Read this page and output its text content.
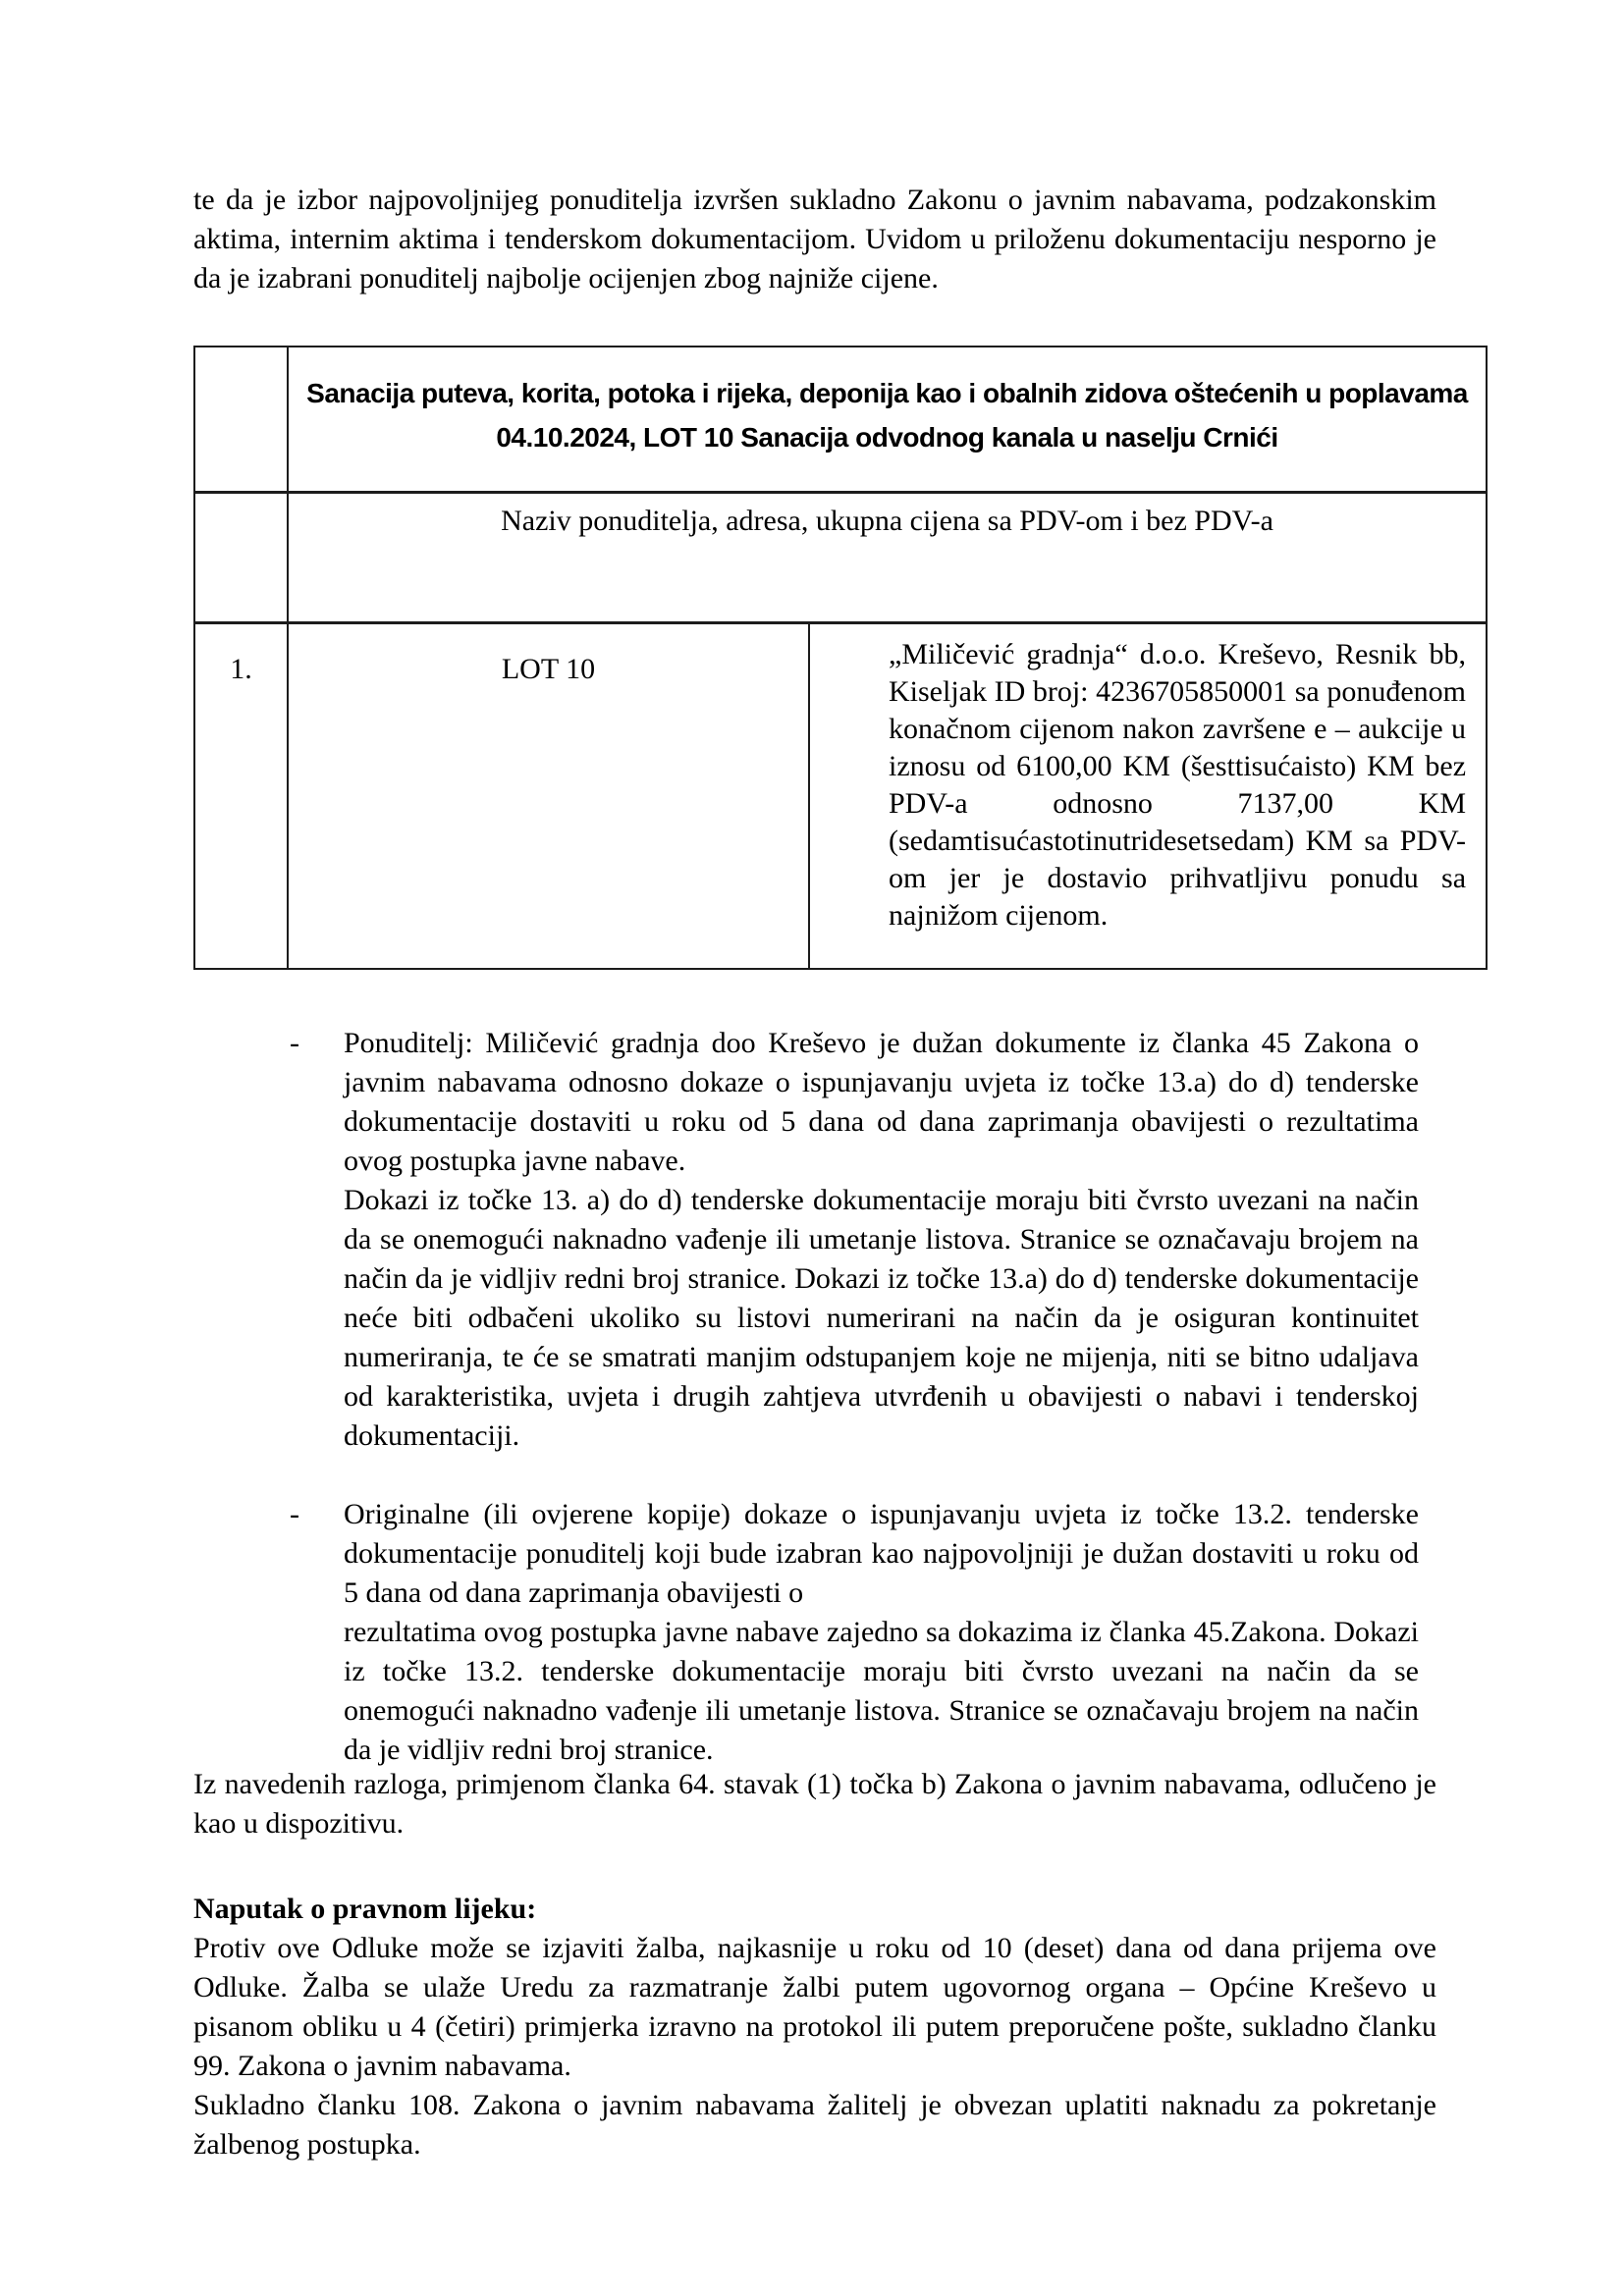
te da je izbor najpovoljnijeg ponuditelja izvršen sukladno Zakonu o javnim nabavama, podzakonskim aktima, internim aktima i tenderskom dokumentacijom. Uvidom u priloženu dokumentaciju nesporno je da je izabrani ponuditelj najbolje ocijenjen zbog najniže cijene.

	Sanacija puteva, korita, potoka i rijeka, deponija kao i obalnih zidova oštećenih u poplavama 04.10.2024, LOT 10 Sanacija odvodnog kanala u naselju Crnići	
	Naziv ponuditelja, adresa, ukupna cijena sa PDV-om i bez PDV-a	
1.	LOT 10	„Miličević gradnja“ d.o.o. Kreševo, Resnik bb, Kiseljak ID broj: 4236705850001 sa ponuđenom konačnom cijenom nakon završene e – aukcije u iznosu od 6100,00 KM (šesttisućaisto) KM bez PDV-a odnosno 7137,00 KM (sedamtisućastotinutridesetsedam) KM sa PDV-om jer je dostavio prihvatljivu ponudu sa najnižom cijenom.
-	Ponuditelj: Miličević gradnja doo Kreševo je dužan dokumente iz članka 45 Zakona o javnim nabavama odnosno dokaze o ispunjavanju uvjeta iz točke 13.a) do d) tenderske dokumentacije dostaviti u roku od 5 dana od dana zaprimanja obavijesti o rezultatima ovog postupka javne nabave.

Dokazi iz točke 13. a) do d) tenderske dokumentacije moraju biti čvrsto uvezani na način da se onemogući naknadno vađenje ili umetanje listova. Stranice se označavaju brojem na način da je vidljiv redni broj stranice. Dokazi iz točke 13.a) do d) tenderske dokumentacije neće biti odbačeni ukoliko su listovi numerirani na način da je osiguran kontinuitet numeriranja, te će se smatrati manjim odstupanjem koje ne mijenja, niti se bitno udaljava od karakteristika, uvjeta i drugih zahtjeva utvrđenih u obavijesti o nabavi i tenderskoj dokumentaciji.

-	Originalne (ili ovjerene kopije) dokaze o ispunjavanju uvjeta iz točke 13.2. tenderske dokumentacije ponuditelj koji bude izabran kao najpovoljniji je dužan dostaviti u roku od 5 dana od dana zaprimanja obavijesti o

rezultatima ovog postupka javne nabave zajedno sa dokazima iz članka 45.Zakona. Dokazi iz točke 13.2. tenderske dokumentacije moraju biti čvrsto uvezani na način da se onemogući naknadno vađenje ili umetanje listova. Stranice se označavaju brojem na način da je vidljiv redni broj stranice.

Iz navedenih razloga, primjenom članka 64. stavak (1) točka b) Zakona o javnim nabavama, odlučeno je kao u dispozitivu.

Naputak o pravnom lijeku:

Protiv ove Odluke može se izjaviti žalba, najkasnije u roku od 10 (deset) dana od dana prijema ove Odluke. Žalba se ulaže Uredu za razmatranje žalbi putem ugovornog organa – Općine Kreševo u pisanom obliku u 4 (četiri) primjerka izravno na protokol ili putem preporučene pošte, sukladno članku 99. Zakona o javnim nabavama.

Sukladno članku 108. Zakona o javnim nabavama žalitelj je obvezan uplatiti naknadu za pokretanje žalbenog postupka.
